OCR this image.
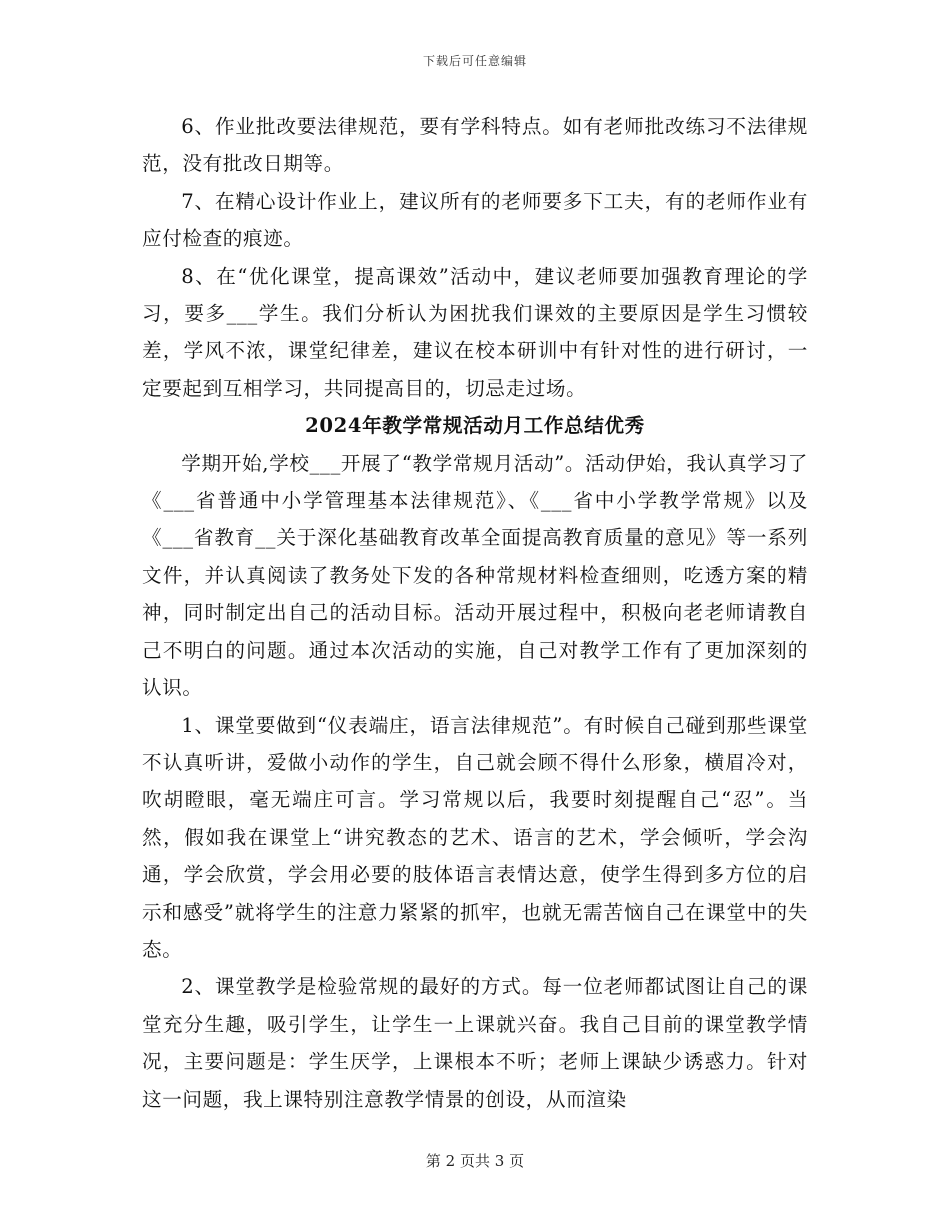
下载后可任意编辑

6、作业批改要法律规范，要有学科特点。如有老师批改练习不法律规范，没有批改日期等。

7、在精心设计作业上，建议所有的老师要多下工夫，有的老师作业有应付检查的痕迹。

8、在“优化课堂，提高课效”活动中，建议老师要加强教育理论的学习，要多___学生。我们分析认为困扰我们课效的主要原因是学生习惯较差，学风不浓，课堂纪律差，建议在校本研训中有针对性的进行研讨，一定要起到互相学习，共同提高目的，切忌走过场。

2024年教学常规活动月工作总结优秀

学期开始,学校___开展了“教学常规月活动”。活动伊始，我认真学习了《___省普通中小学管理基本法律规范》、《___省中小学教学常规》以及《___省教育__关于深化基础教育改革全面提高教育质量的意见》等一系列文件，并认真阅读了教务处下发的各种常规材料检查细则，吃透方案的精神，同时制定出自己的活动目标。活动开展过程中，积极向老老师请教自己不明白的问题。通过本次活动的实施，自己对教学工作有了更加深刻的认识。

1、课堂要做到“仪表端庄，语言法律规范”。有时候自己碰到那些课堂不认真听讲，爱做小动作的学生，自己就会顾不得什么形象，横眉冷对，吹胡瞪眼，毫无端庄可言。学习常规以后，我要时刻提醒自己“忍”。当然，假如我在课堂上“讲究教态的艺术、语言的艺术，学会倾听，学会沟通，学会欣赏，学会用必要的肢体语言表情达意，使学生得到多方位的启示和感受”就将学生的注意力紧紧的抓牢，也就无需苦恼自己在课堂中的失态。

2、课堂教学是检验常规的最好的方式。每一位老师都试图让自己的课堂充分生趣，吸引学生，让学生一上课就兴奋。我自己目前的课堂教学情况，主要问题是：学生厌学，上课根本不听；老师上课缺少诱惑力。针对这一问题，我上课特别注意教学情景的创设，从而渲染

第 2 页共 3 页
